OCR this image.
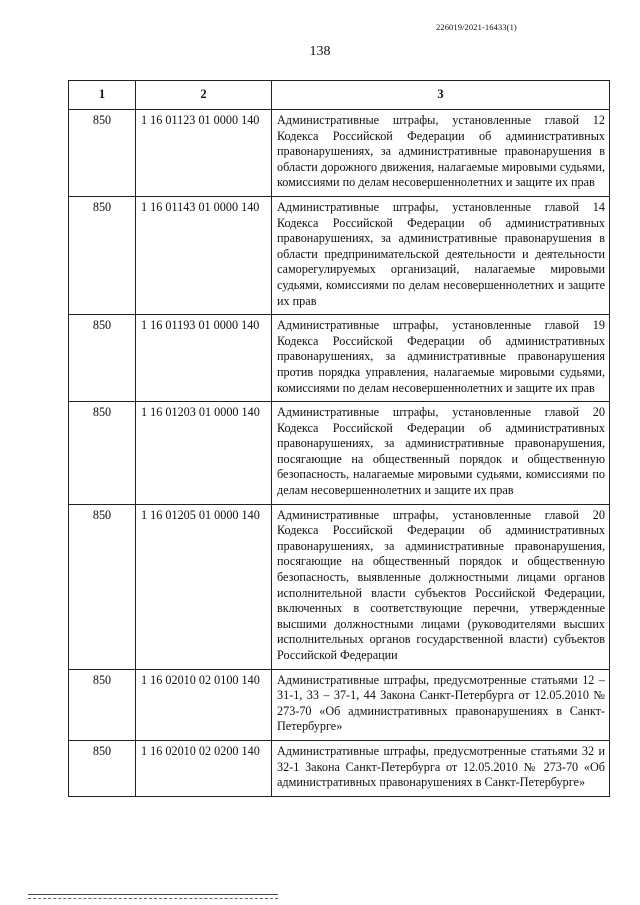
226019/2021-16433(1)
138
1	2	3
850	1 16 01123 01 0000 140	Административные штрафы, установленные главой 12 Кодекса Российской Федерации об административных правонарушениях, за административные правонарушения в области дорожного движения, налагаемые мировыми судьями, комиссиями по делам несовершеннолетних и защите их прав
850	1 16 01143 01 0000 140	Административные штрафы, установленные главой 14 Кодекса Российской Федерации об административных правонарушениях, за административные правонарушения в области предпринимательской деятельности и деятельности саморегулируемых организаций, налагаемые мировыми судьями, комиссиями по делам несовершеннолетних и защите их прав
850	1 16 01193 01 0000 140	Административные штрафы, установленные главой 19 Кодекса Российской Федерации об административных правонарушениях, за административные правонарушения против порядка управления, налагаемые мировыми судьями, комиссиями по делам несовершеннолетних и защите их прав
850	1 16 01203 01 0000 140	Административные штрафы, установленные главой 20 Кодекса Российской Федерации об административных правонарушениях, за административные правонарушения, посягающие на общественный порядок и общественную безопасность, налагаемые мировыми судьями, комиссиями по делам несовершеннолетних и защите их прав
850	1 16 01205 01 0000 140	Административные штрафы, установленные главой 20 Кодекса Российской Федерации об административных правонарушениях, за административные правонарушения, посягающие на общественный порядок и общественную безопасность, выявленные должностными лицами органов исполнительной власти субъектов Российской Федерации, включенных в соответствующие перечни, утвержденные высшими должностными лицами (руководителями высших исполнительных органов государственной власти) субъектов Российской Федерации
850	1 16 02010 02 0100 140	Административные штрафы, предусмотренные статьями 12 – 31-1, 33 – 37-1, 44 Закона Санкт-Петербурга от 12.05.2010 № 273-70 «Об административных правонарушениях в Санкт-Петербурге»
850	1 16 02010 02 0200 140	Административные штрафы, предусмотренные статьями 32 и 32-1 Закона Санкт-Петербурга от 12.05.2010 № 273-70 «Об административных правонарушениях в Санкт-Петербурге»
